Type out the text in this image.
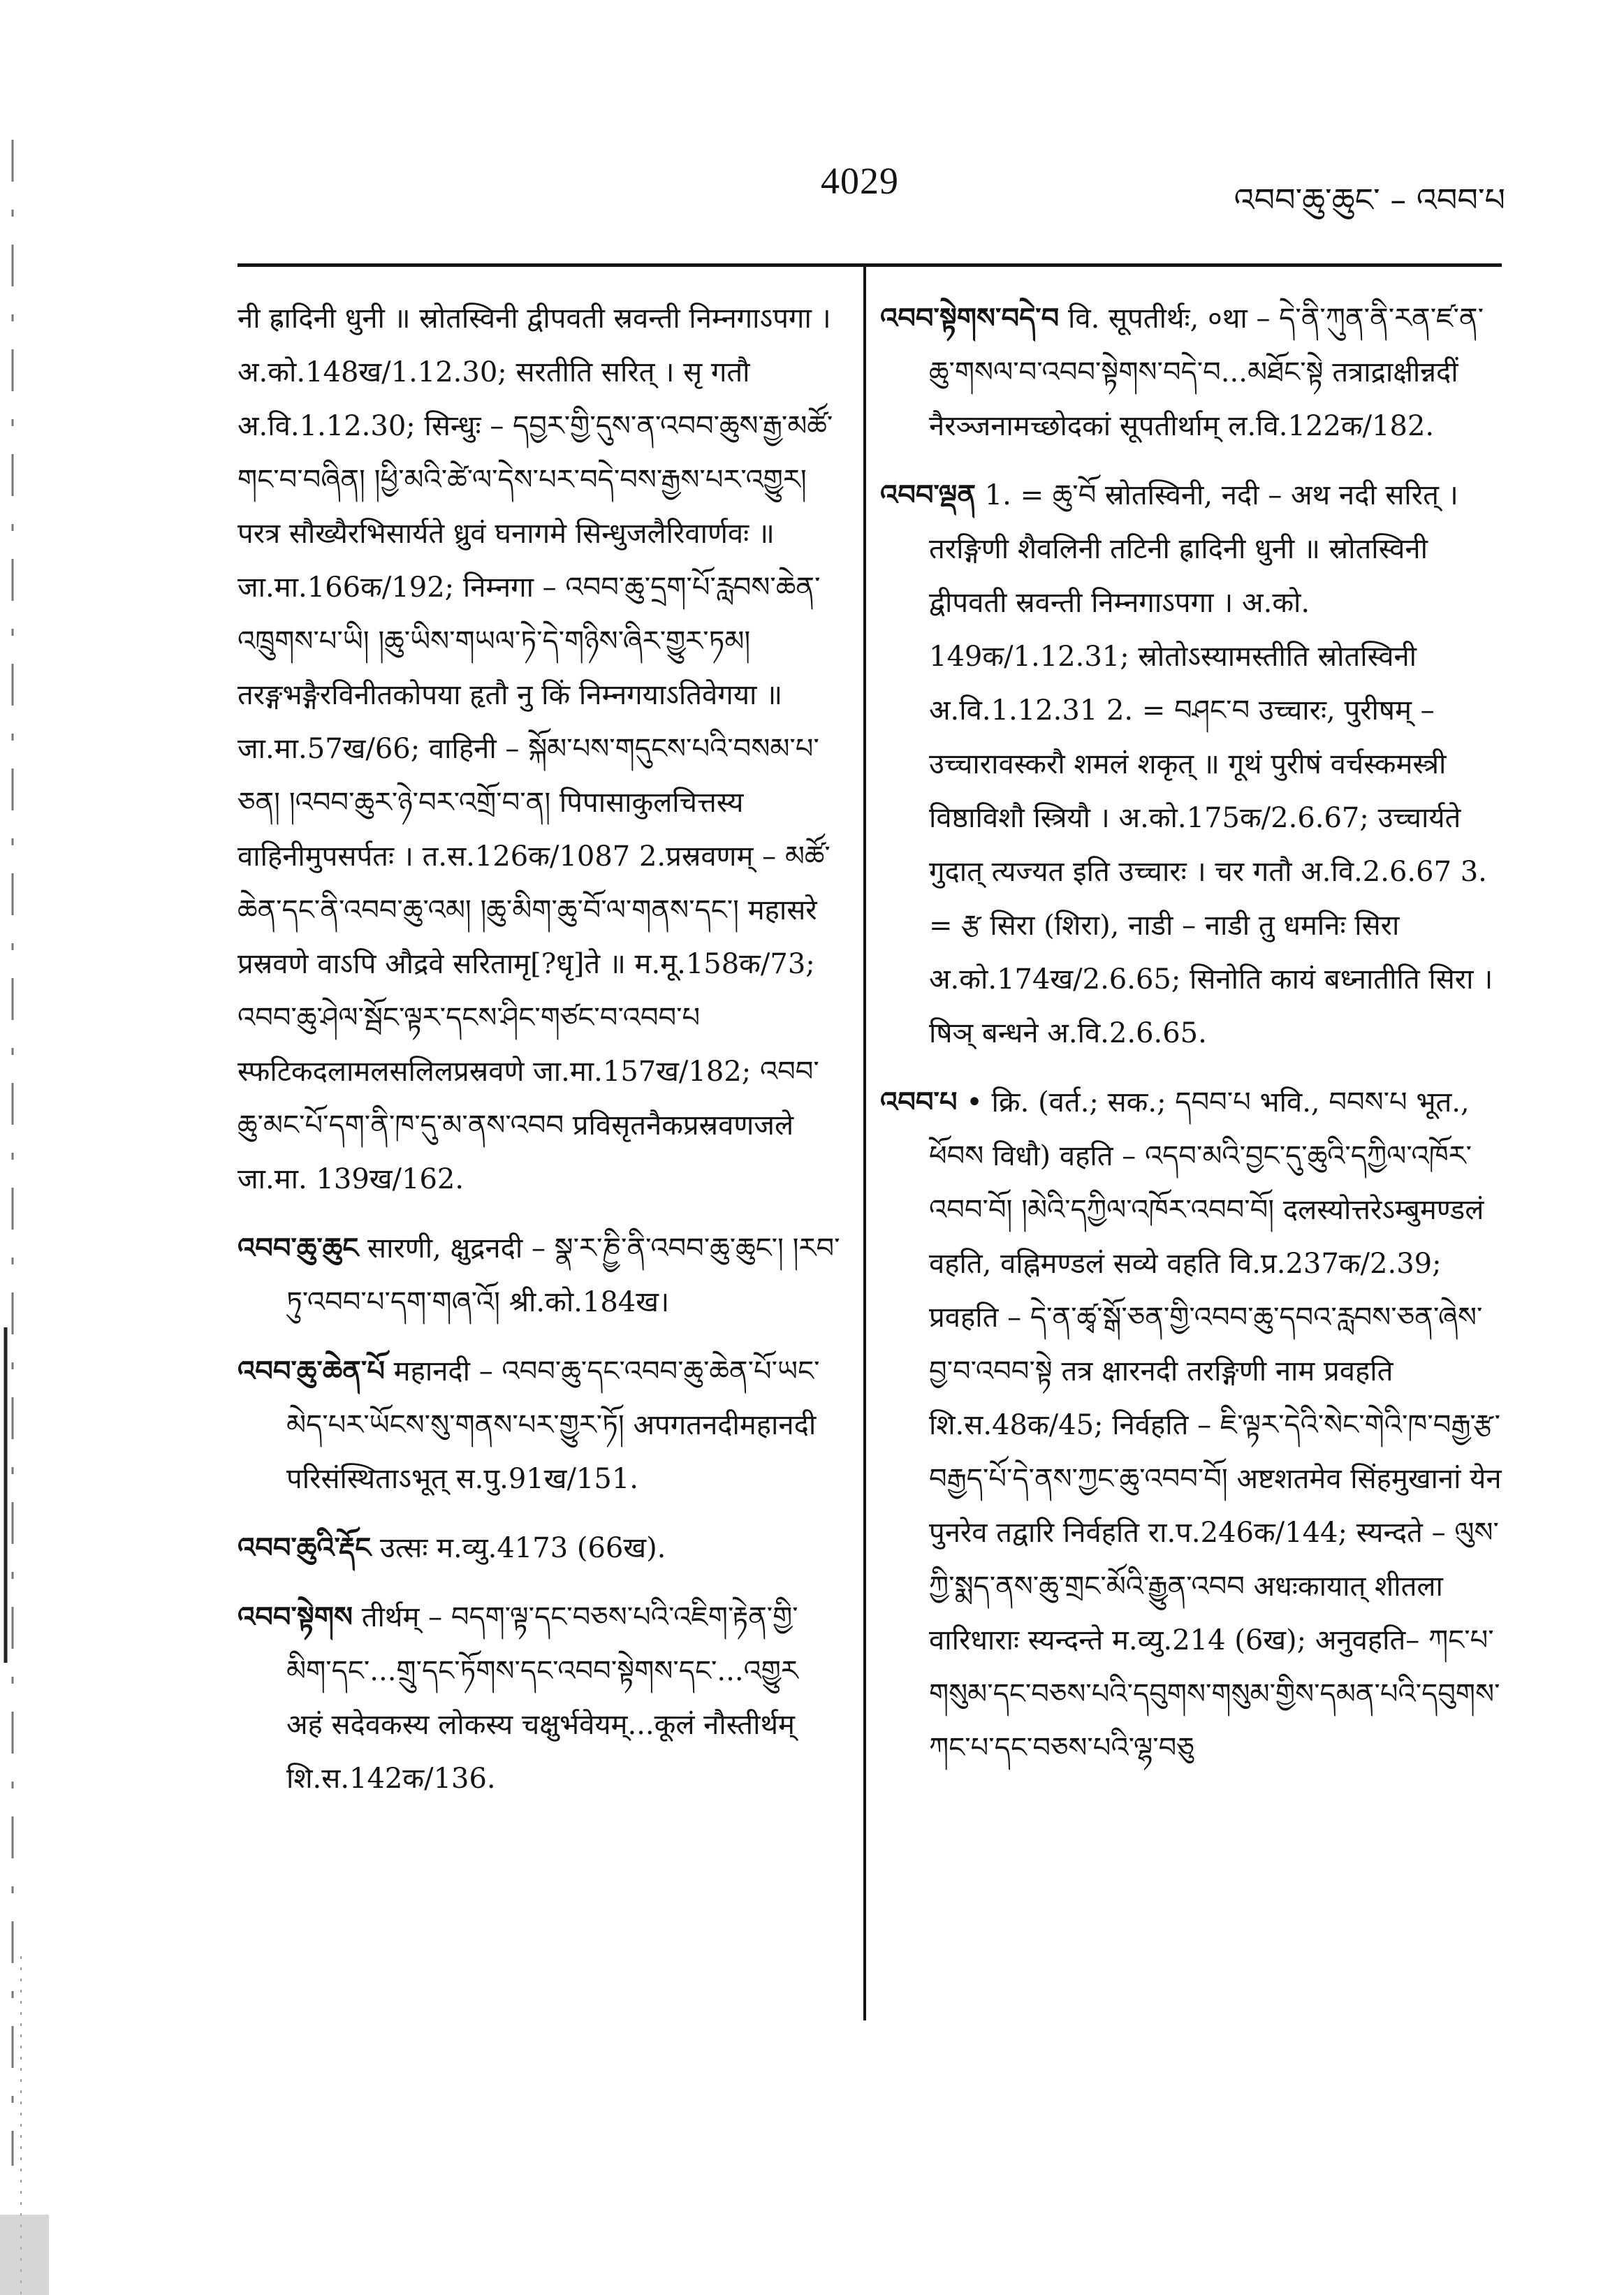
4029	འབབ་ཆུ་ཆུང་ – འབབ་པ

नी ह्रादिनी धुनी ॥ स्रोतस्विनी द्वीपवती स्रवन्ती निम्नगाऽपगा । अ.को.148ख/1.12.30; सरतीति सरित् । सृ गतौ अ.वि.1.12.30; सिन्धुः – དབྱར་གྱི་དུས་ན་འབབ་ཆུས་རྒྱ་མཚོ་གང་བ་བཞིན། །ཕྱི་མའི་ཚེ་ལ་དེས་པར་བདེ་བས་རྒྱས་པར་འགྱུར། परत्र सौख्यैरभिसार्यते ध्रुवं घनागमे सिन्धुजलैरिवार्णवः ॥ जा.मा.166क/192; निम्नगा – འབབ་ཆུ་དྲག་པོ་རླབས་ཆེན་འཁྲུགས་པ་ཡི། །ཆུ་ཡིས་གཡལ་ཏེ་དེ་གཉིས་ཞིར་གྱུར་ཏམ། तरङ्गभङ्गैरविनीतकोपया हृतौ नु किं निम्नगयाऽतिवेगया ॥ जा.मा.57ख/66; वाहिनी – སྐོམ་པས་གདུངས་པའི་བསམ་པ་ཅན། །འབབ་ཆུར་ཉེ་བར་འགྲོ་བ་ན། पिपासाकुलचित्तस्य वाहिनीमुपसर्पतः । त.स.126क/1087 2.प्रस्रवणम् – མཚོ་ཆེན་དང་ནི་འབབ་ཆུ་འམ། །ཆུ་མིག་ཆུ་བོ་ལ་གནས་དང་། महासरे प्रस्रवणे वाऽपि औद्रवे सरितामृ[?धृ]ते ॥ म.मू.158क/73; འབབ་ཆུ་ཤེལ་སྦོང་ལྟར་དངས་ཤིང་གཙང་བ་འབབ་པ स्फटिकदलामलसलिलप्रस्रवणे जा.मा.157ख/182; འབབ་ཆུ་མང་པོ་དག་ནི་ཁ་དུ་མ་ནས་འབབ प्रविसृतनैकप्रस्रवणजले जा.मा. 139ख/162.

འབབ་ཆུ་ཆུང सारणी, क्षुद्रनदी – སྣ་ར་ཎྱི་ནི་འབབ་ཆུ་ཆུང་། །རབ་ཏུ་འབབ་པ་དག་གཞ་འོ། श्री.को.184ख।

འབབ་ཆུ་ཆེན་པོ महानदी – འབབ་ཆུ་དང་འབབ་ཆུ་ཆེན་པོ་ཡང་མེད་པར་ཡོངས་སུ་གནས་པར་གྱུར་ཏོ། अपगतनदीमहानदी परिसंस्थिताऽभूत् स.पु.91ख/151.

འབབ་ཆུའི་རྡོང उत्सः म.व्यु.4173 (66ख).

འབབ་སྟེགས तीर्थम् – བདག་ལྟ་དང་བཅས་པའི་འཇིག་རྟེན་གྱི་མིག་དང་...གྲུ་དང་ཏོགས་དང་འབབ་སྟེགས་དང་...འགྱུར अहं सदेवकस्य लोकस्य चक्षुर्भवेयम्...कूलं नौस्तीर्थम् शि.स.142क/136.

འབབ་སྟེགས་བདེ་བ वि. सूपतीर्थः, ०था – དེ་ནི་ཀུན་ནི་རན་ཛ་ན་ཆུ་གསལ་བ་འབབ་སྟེགས་བདེ་བ...མཐོང་སྟེ तत्राद्राक्षीन्नदीं नैरञ्जनामच्छोदकां सूपतीर्थाम् ल.वि.122क/182.

འབབ་ལྡན 1. = ཆུ་བོ स्रोतस्विनी, नदी – अथ नदी सरित् । तरङ्गिणी शैवलिनी तटिनी ह्रादिनी धुनी ॥ स्रोतस्विनी द्वीपवती स्रवन्ती निम्नगाऽपगा । अ.को. 149क/1.12.31; स्रोतोऽस्यामस्तीति स्रोतस्विनी अ.वि.1.12.31 2. = བཤང་བ उच्चारः, पुरीषम् – उच्चारावस्करौ शमलं शकृत् ॥ गूथं पुरीषं वर्चस्कमस्त्री विष्ठाविशौ स्त्रियौ । अ.को.175क/2.6.67; उच्चार्यते गुदात् त्यज्यत इति उच्चारः । चर गतौ अ.वि.2.6.67 3. = རྩ सिरा (शिरा), नाडी – नाडी तु धमनिः सिरा अ.को.174ख/2.6.65; सिनोति कायं बध्नातीति सिरा । षिञ् बन्धने अ.वि.2.6.65.

འབབ་པ • क्रि. (वर्त.; सक.; དབབ་པ भवि., བབས་པ भूत., ཕོབས विधौ) वहति – འདབ་མའི་བྱང་དུ་ཆུའི་དཀྱིལ་འཁོར་འབབ་བོ། །མེའི་དཀྱིལ་འཁོར་འབབ་བོ། दलस्योत्तरेऽम्बुमण्डलं वहति, वह्निमण्डलं सव्ये वहति वि.प्र.237क/2.39; प्रवहति – དེ་ན་ཚྭ་སྒོ་ཅན་གྱི་འབབ་ཆུ་དབའ་རླབས་ཅན་ཞེས་བྱ་བ་འབབ་སྟེ तत्र क्षारनदी तरङ्गिणी नाम प्रवहति शि.स.48क/45; निर्वहति – ཇི་ལྟར་དེའི་སེང་གེའི་ཁ་བརྒྱ་རྩ་བརྒྱད་པོ་དེ་ནས་ཀྱང་ཆུ་འབབ་བོ། अष्टशतमेव सिंहमुखानां येन पुनरेव तद्वारि निर्वहति रा.प.246क/144; स्यन्दते – ལུས་ཀྱི་སྨད་ནས་ཆུ་གྲང་མོའི་རྒྱུན་འབབ अधःकायात् शीतला वारिधाराः स्यन्दन्ते म.व्यु.214 (6ख); अनुवहति– ཀང་པ་གསུམ་དང་བཅས་པའི་དབུགས་གསུམ་གྱིས་དམན་པའི་དབུགས་ཀང་པ་དང་བཅས་པའི་ལྷ་བཅུ
